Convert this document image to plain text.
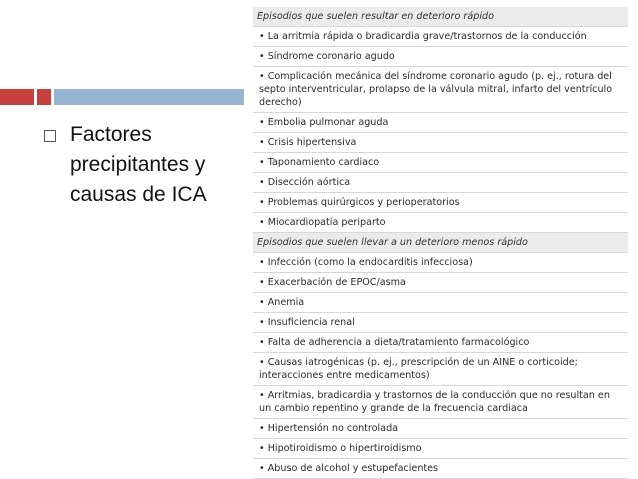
Factores precipitantes y causas de ICA
Episodios que suelen resultar en deterioro rápido
• La arritmia rápida o bradicardia grave/trastornos de la conducción
• Síndrome coronario agudo
• Complicación mecánica del síndrome coronario agudo (p. ej., rotura del septo interventricular, prolapso de la válvula mitral, infarto del ventrículo derecho)
• Embolia pulmonar aguda
• Crisis hipertensiva
• Taponamiento cardiaco
• Disección aórtica
• Problemas quirúrgicos y perioperatorios
• Miocardiopatía periparto
Episodios que suelen llevar a un deterioro menos rápido
• Infección (como la endocarditis infecciosa)
• Exacerbación de EPOC/asma
• Anemia
• Insuficiencia renal
• Falta de adherencia a dieta/tratamiento farmacológico
• Causas iatrogénicas (p. ej., prescripción de un AINE o corticoide; interacciones entre medicamentos)
• Arritmias, bradicardia y trastornos de la conducción que no resultan en un cambio repentino y grande de la frecuencia cardiaca
• Hipertensión no controlada
• Hipotiroidismo o hipertiroidismo
• Abuso de alcohol y estupefacientes
